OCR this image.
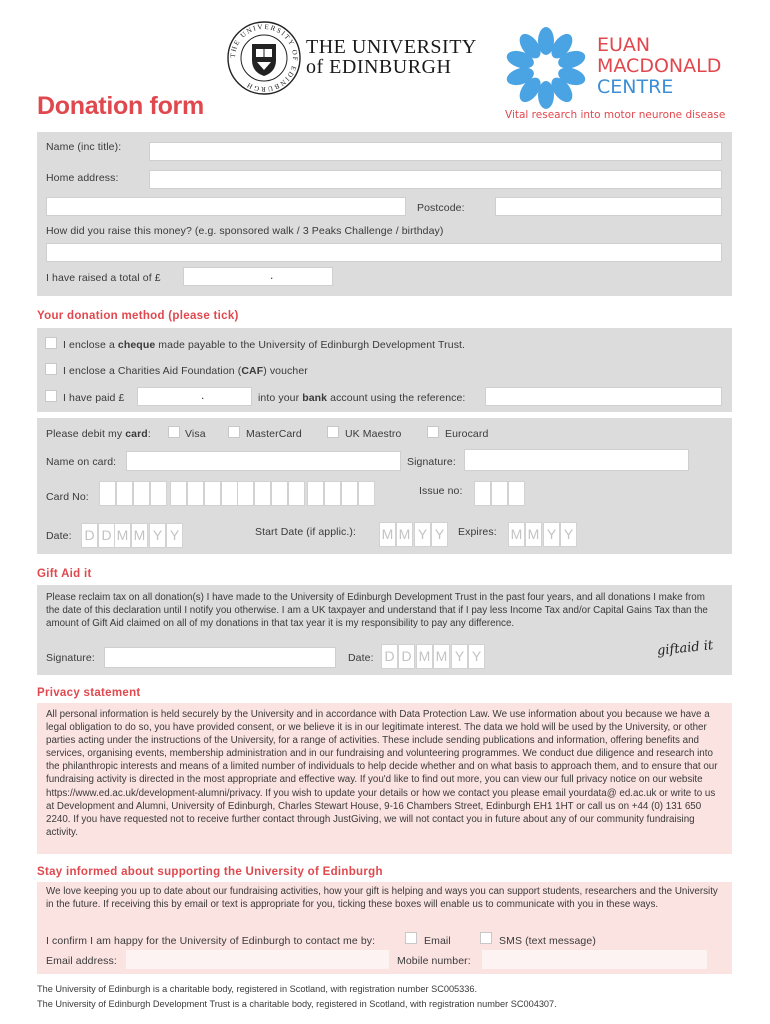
THE UNIVERSITY OF EDINBURGH
THE UNIVERSITY
of EDINBURGH
EUAN
MACDONALD
CENTRE
Vital research into motor neurone disease
Donation form
Name (inc title):
Home address:
Postcode:
How did you raise this money? (e.g. sponsored walk / 3 Peaks Challenge / birthday)
I have raised a total of £	.
Your donation method (please tick)
I enclose a cheque made payable to the University of Edinburgh Development Trust.
I enclose a Charities Aid Foundation (CAF) voucher
I have paid £	.	into your bank account using the reference:
Please debit my card:	Visa	MasterCard	UK Maestro	Eurocard
Name on card:	Signature:
Card No:	Issue no:
Date: D D M M Y Y	Start Date (if applic.): M M Y Y	Expires: M M Y Y
Gift Aid it
Please reclaim tax on all donation(s) I have made to the University of Edinburgh Development Trust in the past four years, and all donations I make from the date of this declaration until I notify you otherwise. I am a UK taxpayer and understand that if I pay less Income Tax and/or Capital Gains Tax than the amount of Gift Aid claimed on all of my donations in that tax year it is my responsibility to pay any difference.
Signature:	Date: D D M M Y Y	giftaid it
Privacy statement
All personal information is held securely by the University and in accordance with Data Protection Law. We use information about you because we have a legal obligation to do so, you have provided consent, or we believe it is in our legitimate interest. The data we hold will be used by the University, or other parties acting under the instructions of the University, for a range of activities. These include sending publications and information, offering benefits and services, organising events, membership administration and in our fundraising and volunteering programmes. We conduct due diligence and research into the philanthropic interests and means of a limited number of individuals to help decide whether and on what basis to approach them, and to ensure that our fundraising activity is directed in the most appropriate and effective way. If you'd like to find out more, you can view our full privacy notice on our website https://www.ed.ac.uk/development-alumni/privacy. If you wish to update your details or how we contact you please email yourdata@ ed.ac.uk or write to us at Development and Alumni, University of Edinburgh, Charles Stewart House, 9-16 Chambers Street, Edinburgh EH1 1HT or call us on +44 (0) 131 650 2240. If you have requested not to receive further contact through JustGiving, we will not contact you in future about any of our community fundraising activity.
Stay informed about supporting the University of Edinburgh
We love keeping you up to date about our fundraising activities, how your gift is helping and ways you can support students, researchers and the University in the future. If receiving this by email or text is appropriate for you, ticking these boxes will enable us to communicate with you in these ways.
I confirm I am happy for the University of Edinburgh to contact me by:	Email	SMS (text message)
Email address:	Mobile number:
The University of Edinburgh is a charitable body, registered in Scotland, with registration number SC005336.
The University of Edinburgh Development Trust is a charitable body, registered in Scotland, with registration number SC004307.
